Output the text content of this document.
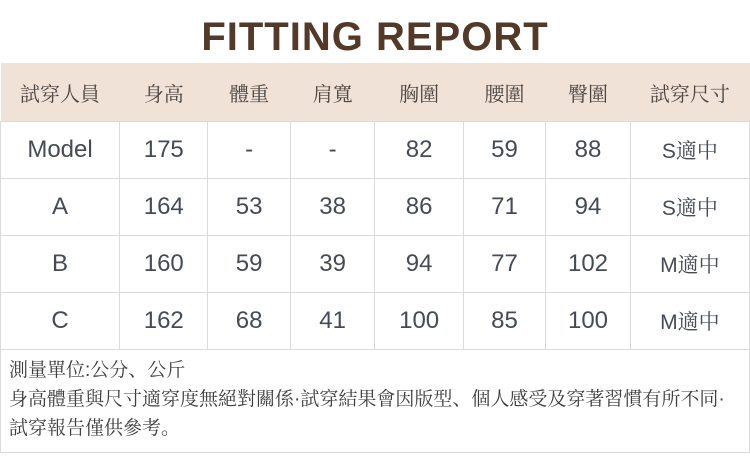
FITTING REPORT
試穿人員	身高	體重	肩寬	胸圍	腰圍	臀圍	試穿尺寸
Model	175	-	-	82	59	88	S適中
A	164	53	38	86	71	94	S適中
B	160	59	39	94	77	102	M適中
C	162	68	41	100	85	100	M適中

測量單位:公分、公斤

身高體重與尺寸適穿度無絕對關係·試穿結果會因版型、個人感受及穿著習慣有所不同·試穿報告僅供參考。
